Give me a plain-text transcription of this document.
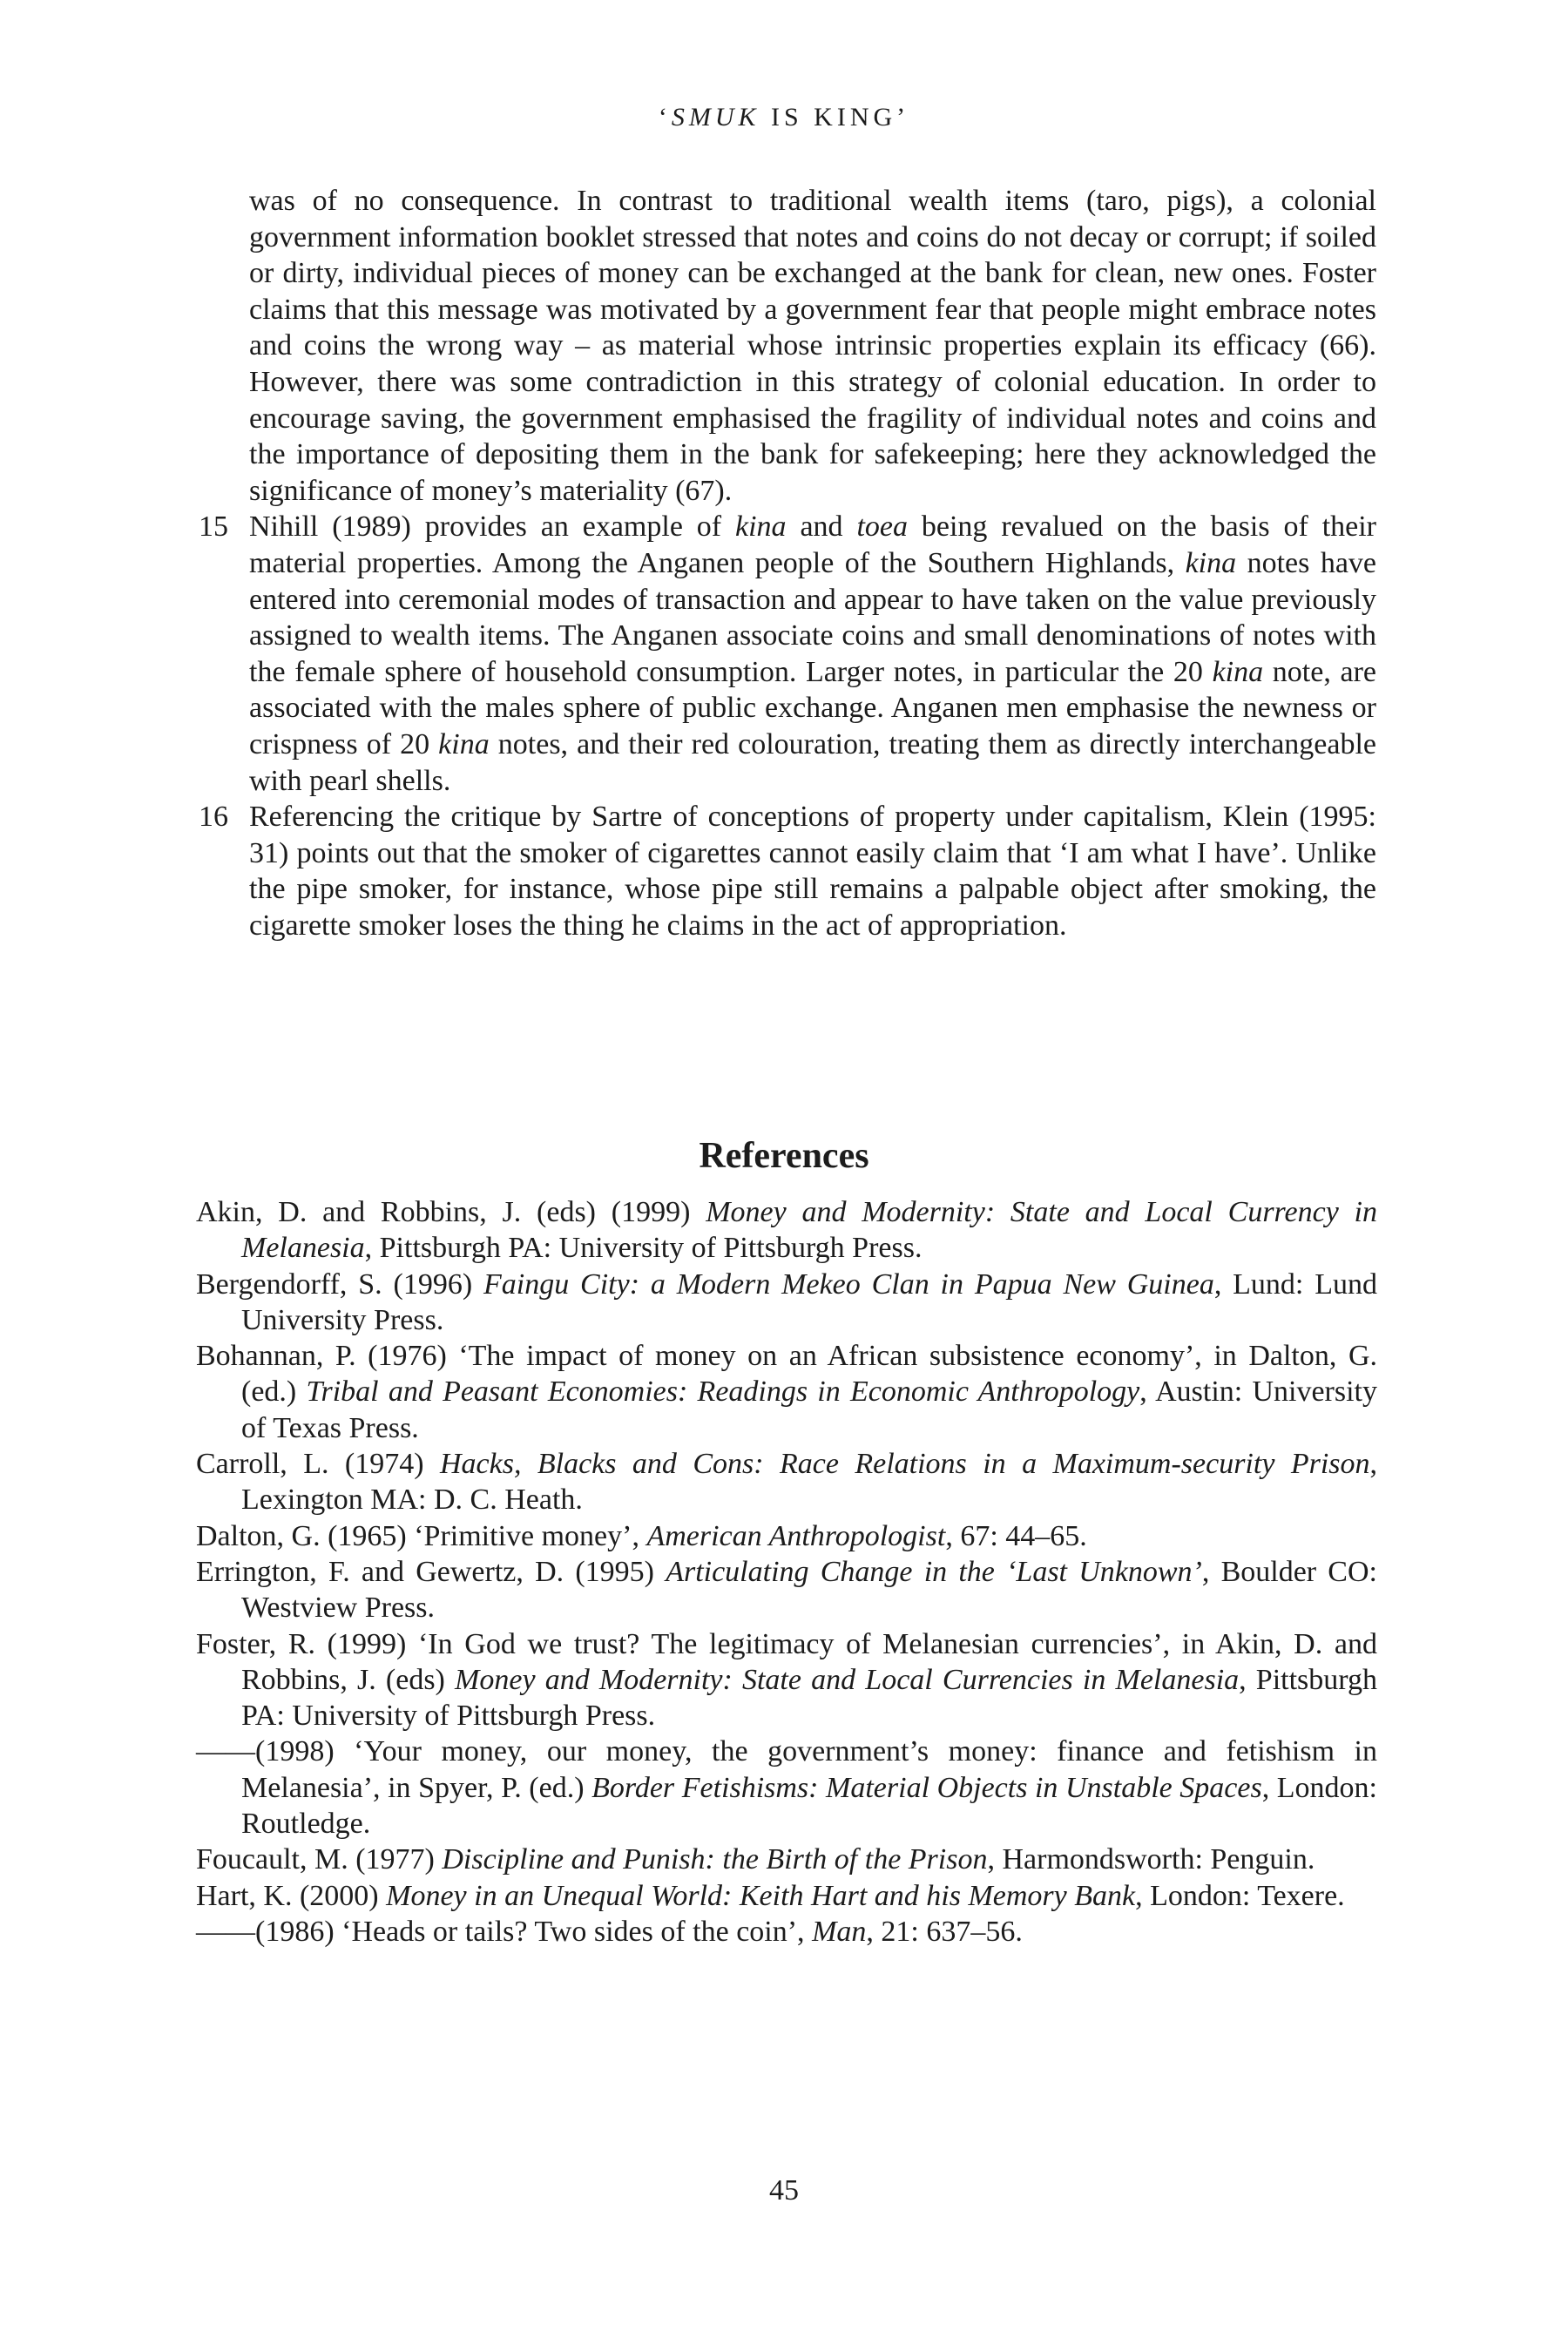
‘SMUK IS KING’
was of no consequence. In contrast to traditional wealth items (taro, pigs), a colonial government information booklet stressed that notes and coins do not decay or corrupt; if soiled or dirty, individual pieces of money can be exchanged at the bank for clean, new ones. Foster claims that this message was motivated by a government fear that people might embrace notes and coins the wrong way – as material whose intrinsic properties explain its efficacy (66). However, there was some contradiction in this strategy of colonial education. In order to encourage saving, the government emphasised the fragility of individual notes and coins and the importance of depositing them in the bank for safekeeping; here they acknowledged the significance of money’s materiality (67).
15 Nihill (1989) provides an example of kina and toea being revalued on the basis of their material properties. Among the Anganen people of the Southern Highlands, kina notes have entered into ceremonial modes of transaction and appear to have taken on the value previously assigned to wealth items. The Anganen associate coins and small denominations of notes with the female sphere of household consumption. Larger notes, in particular the 20 kina note, are associated with the males sphere of public exchange. Anganen men emphasise the newness or crispness of 20 kina notes, and their red colouration, treating them as directly interchangeable with pearl shells.
16 Referencing the critique by Sartre of conceptions of property under capitalism, Klein (1995: 31) points out that the smoker of cigarettes cannot easily claim that ‘I am what I have’. Unlike the pipe smoker, for instance, whose pipe still remains a palpable object after smoking, the cigarette smoker loses the thing he claims in the act of appropriation.
References
Akin, D. and Robbins, J. (eds) (1999) Money and Modernity: State and Local Currency in Melanesia, Pittsburgh PA: University of Pittsburgh Press.
Bergendorff, S. (1996) Faingu City: a Modern Mekeo Clan in Papua New Guinea, Lund: Lund University Press.
Bohannan, P. (1976) ‘The impact of money on an African subsistence economy’, in Dalton, G. (ed.) Tribal and Peasant Economies: Readings in Economic Anthropology, Austin: University of Texas Press.
Carroll, L. (1974) Hacks, Blacks and Cons: Race Relations in a Maximum-security Prison, Lexington MA: D. C. Heath.
Dalton, G. (1965) ‘Primitive money’, American Anthropologist, 67: 44–65.
Errington, F. and Gewertz, D. (1995) Articulating Change in the ‘Last Unknown’, Boulder CO: Westview Press.
Foster, R. (1999) ‘In God we trust? The legitimacy of Melanesian currencies’, in Akin, D. and Robbins, J. (eds) Money and Modernity: State and Local Currencies in Melanesia, Pittsburgh PA: University of Pittsburgh Press.
——(1998) ‘Your money, our money, the government’s money: finance and fetishism in Melanesia’, in Spyer, P. (ed.) Border Fetishisms: Material Objects in Unstable Spaces, London: Routledge.
Foucault, M. (1977) Discipline and Punish: the Birth of the Prison, Harmondsworth: Penguin.
Hart, K. (2000) Money in an Unequal World: Keith Hart and his Memory Bank, London: Texere.
——(1986) ‘Heads or tails? Two sides of the coin’, Man, 21: 637–56.
45
